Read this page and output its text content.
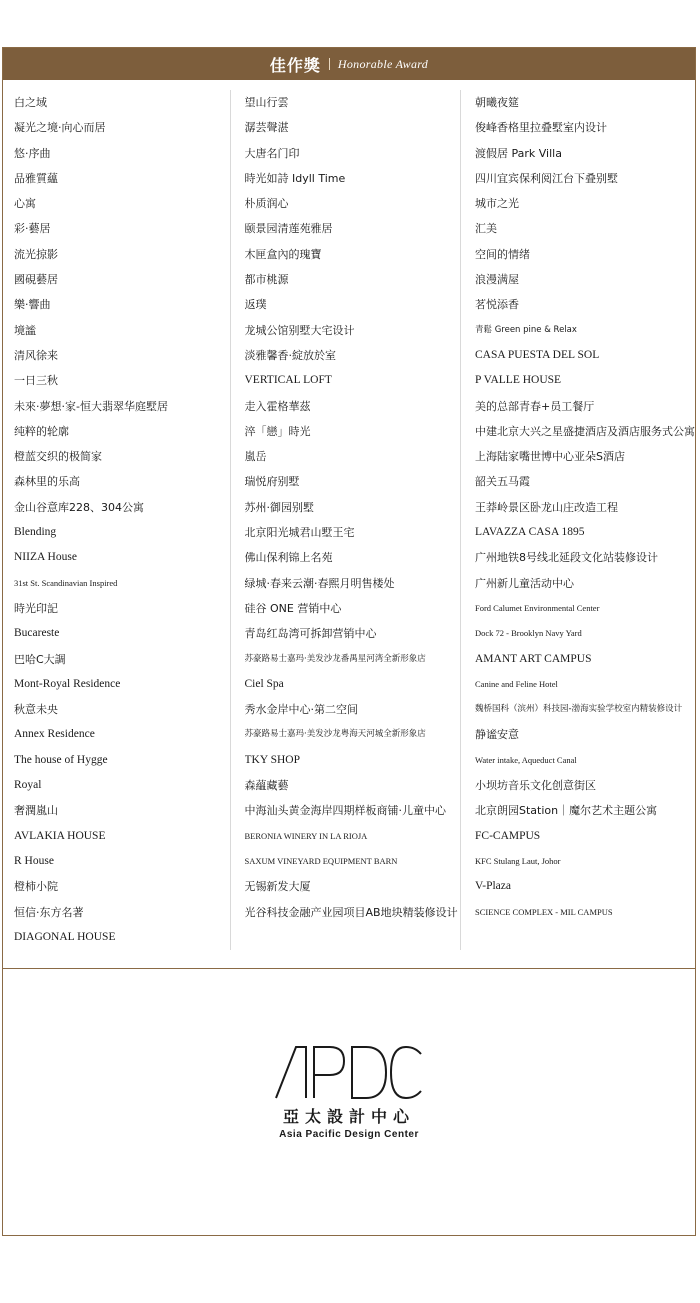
佳作獎 Honorable Award
白之域
凝光之境·向心而居
悠·序曲
品雅質蘊
心寓
彩·藝居
流光掠影
國硯藝居
樂·響曲
境謐
清风徐来
一日三秋
未來·夢想·家-恒大翡翠华庭墅居
纯粹的轮廓
橙蓝交织的极简家
森林里的乐高
金山谷意库228、304公寓
Blending
NIIZA House
31st St. Scandinavian Inspired
時光印記
Bucareste
巴哈C大調
Mont-Royal Residence
秋意未央
Annex Residence
The house of Hygge
Royal
奢潤嵐山
AVLAKIA HOUSE
R House
橙柿小院
恒信·东方名著
DIAGONAL HOUSE
望山行雲
潺芸聲湛
大唐名门印
時光如詩 Idyll Time
朴质润心
颐景园清莲苑雅居
木匣盒內的瑰寶
都市桃源
返璞
龙城公馆别墅大宅设计
淡雅馨香·綻放於室
VERTICAL LOFT
走入霍格華茲
淬「戀」時光
嵐岳
瑞悦府别墅
苏州·御园别墅
北京阳光城君山墅王宅
佛山保利锦上名苑
绿城·春来云潮·春熙月明售楼处
硅谷 ONE 营销中心
青岛红岛湾可拆卸营销中心
苏豪路易士嘉玛·美发沙龙番禺星河湾全新形象店
Ciel Spa
秀水金岸中心·第二空间
苏豪路易士嘉玛·美发沙龙粤海天河城全新形象店
TKY SHOP
森蘊藏藝
中海汕头黄金海岸四期样板商铺·儿童中心
BERONIA WINERY IN LA RIOJA
SAXUM VINEYARD EQUIPMENT BARN
无锡新发大厦
光谷科技金融产业园项目AB地块精装修设计
朝曦夜筵
俊峰香格里拉叠墅室内设计
渡假居 Park Villa
四川宜宾保利阅江台下叠别墅
城市之光
汇美
空间的情绪
浪漫满屋
茗悦添香
青鬆 Green pine & Relax
CASA PUESTA DEL SOL
P VALLE HOUSE
美的总部青春+员工餐厅
中建北京大兴之星盛捷酒店及酒店服务式公寓
上海陆家嘴世博中心亚朵S酒店
韶关五马霞
王莽岭景区卧龙山庄改造工程
LAVAZZA CASA 1895
广州地铁8号线北延段文化站装修设计
广州新儿童活动中心
Ford Calumet Environmental Center
Dock 72 - Brooklyn Navy Yard
AMANT ART CAMPUS
Canine and Feline Hotel
魏桥国科（滨州）科技园-渤海实验学校室内精装修设计
静谧安意
Water intake, Aqueduct Canal
小坝坊音乐文化创意街区
北京朗园Station｜魔尔艺术主题公寓
FC-CAMPUS
KFC Stulang Laut, Johor
V-Plaza
SCIENCE COMPLEX - MIL CAMPUS
亞太設計中心
Asia Pacific Design Center
